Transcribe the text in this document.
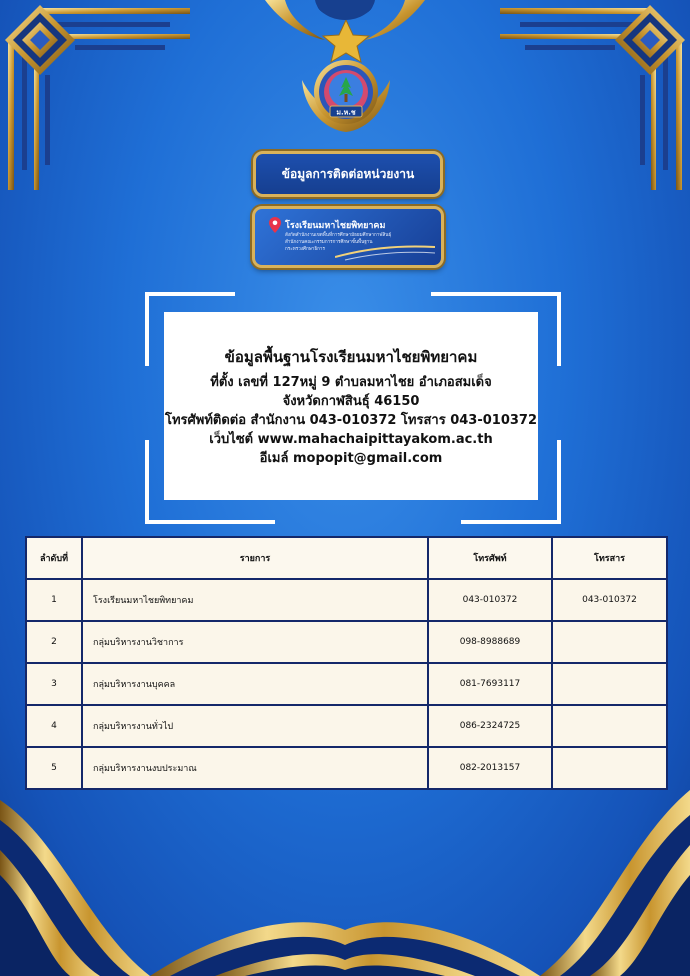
ม.ห.ช
ข้อมูลการติดต่อหน่วยงาน
โรงเรียนมหาไชยพิทยาคม
สังกัดสำนักงานเขตพื้นที่การศึกษามัธยมศึกษากาฬสินธุ์
สำนักงานคณะกรรมการการศึกษาขั้นพื้นฐาน
กระทรวงศึกษาธิการ
ข้อมูลพื้นฐานโรงเรียนมหาไชยพิทยาคม
ที่ตั้ง เลขที่ 127หมู่ 9 ตำบลมหาไชย อำเภอสมเด็จ
จังหวัดกาฬสินธุ์ 46150
โทรศัพท์ติดต่อ สำนักงาน 043-010372 โทรสาร 043-010372
เว็บไซต์ www.mahachaipittayakom.ac.th
อีเมล์ mopopit@gmail.com
ลำดับที่	รายการ	โทรศัพท์	โทรสาร
1	โรงเรียนมหาไชยพิทยาคม	043-010372	043-010372
2	กลุ่มบริหารงานวิชาการ	098-8988689	
3	กลุ่มบริหารงานบุคคล	081-7693117	
4	กลุ่มบริหารงานทั่วไป	086-2324725	
5	กลุ่มบริหารงานงบประมาณ	082-2013157	
